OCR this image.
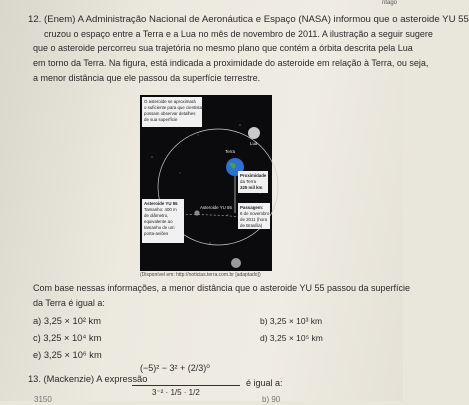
ntago
12. (Enem) A Administração Nacional de Aeronáutica e Espaço (NASA) informou que o asteroide YU 55
cruzou o espaço entre a Terra e a Lua no mês de novembro de 2011. A ilustração a seguir sugere
que o asteroide percorreu sua trajetória no mesmo plano que contém a órbita descrita pela Lua
em torno da Terra. Na figura, está indicada a proximidade do asteroide em relação à Terra, ou seja,
a menor distância que ele passou da superfície terrestre.
O asteroide se aproximará
o suficiente para que cientistas
possam observar detalhes
de sua superfície
Proximidade
da Terra
325 mil km
Asteroide YU 55
Tamanho: 400 m
de diâmetro,
equivalente ao
tamanho de um
porta-aviões
Passagem:
8 de novembro
de 2011 (hora
de Brasília)
Lua
Terra
Asteroide YU 55
(Disponível em: http://noticias.terra.com.br [adaptado])
Com base nessas informações, a menor distância que o asteroide YU 55 passou da superfície
da Terra é igual a:
a) 3,25 × 10² km	b) 3,25 × 10³ km
c) 3,25 × 10⁴ km	d) 3,25 × 10⁵ km
e) 3,25 × 10⁶ km
13. (Mackenzie) A expressão
(−5)² − 3² + (2/3)⁰
3⁻² · 1/5 · 1/2
é igual a:
3150	b) 90
